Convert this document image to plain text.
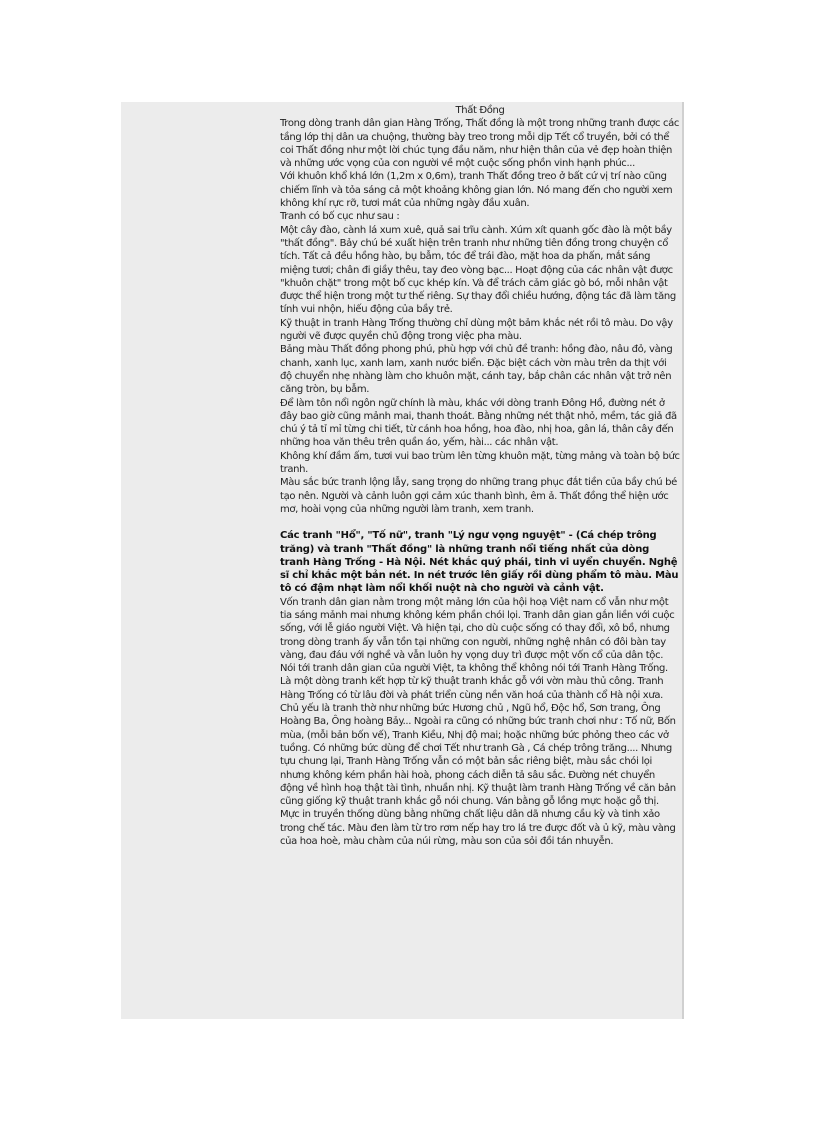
Thất Đồng

Trong dòng tranh dân gian Hàng Trống, Thất đồng là một trong những tranh được các tầng lớp thị dân ưa chuộng, thường bày treo trong mỗi dịp Tết cổ truyền, bởi có thể coi Thất đồng như một lời chúc tụng đầu năm, như hiện thân của vẻ đẹp hoàn thiện và những ước vọng của con người về một cuộc sống phồn vinh hạnh phúc...

Với khuôn khổ khá lớn (1,2m x 0,6m), tranh Thất đồng treo ở bất cứ vị trí nào cũng chiếm lĩnh và tỏa sáng cả một khoảng không gian lớn. Nó mang đến cho người xem không khí rực rỡ, tươi mát của những ngày đầu xuân.

Tranh có bố cục như sau :

Một cây đào, cành lá xum xuê, quả sai trĩu cành. Xúm xít quanh gốc đào là một bầy "thất đồng". Bảy chú bé xuất hiện trên tranh như những tiên đồng trong chuyện cổ tích. Tất cả đều hồng hào, bụ bẫm, tóc để trái đào, mặt hoa da phấn, mắt sáng miệng tươi; chân đi giầy thêu, tay đeo vòng bạc... Hoạt động của các nhân vật được "khuôn chặt" trong một bố cục khép kín. Và để trách cảm giác gò bó, mỗi nhân vật được thể hiện trong một tư thế riêng. Sự thay đổi chiều hướng, động tác đã làm tăng tính vui nhộn, hiếu động của bầy trẻ.

Kỹ thuật in tranh Hàng Trống thường chỉ dùng một bảm khắc nét rồi tô màu. Do vậy người vẽ được quyền chủ động trong việc pha màu.

Bảng màu Thất đồng phong phú, phù hợp với chủ đề tranh: hồng đào, nâu đỏ, vàng chanh, xanh lục, xanh lam, xanh nước biển. Đặc biệt cách vờn màu trên da thịt với độ chuyển nhẹ nhàng làm cho khuôn mặt, cánh tay, bắp chân các nhân vật trở nên căng tròn, bụ bẫm.

Để làm tôn nổi ngôn ngữ chính là màu, khác với dòng tranh Đông Hồ, đường nét ở đây bao giờ cũng mảnh mai, thanh thoát. Bằng những nét thật nhỏ, mềm, tác giả đã chú ý tả tỉ mỉ từng chi tiết, từ cánh hoa hồng, hoa đào, nhị hoa, gân lá, thân cây đến những hoa văn thêu trên quần áo, yếm, hài... các nhân vật.

Không khí đầm ấm, tươi vui bao trùm lên từng khuôn mặt, từng mảng và toàn bộ bức tranh.

Màu sắc bức tranh lộng lẫy, sang trọng do những trang phục đắt tiền của bầy chú bé tạo nên. Người và cảnh luôn gợi cảm xúc thanh bình, êm ả. Thất đồng thể hiện ước mơ, hoài vọng của những người làm tranh, xem tranh.

Các tranh "Hổ", "Tố nữ", tranh "Lý ngư vọng nguyệt" - (Cá chép trông trăng) và tranh "Thất đồng" là những tranh nổi tiếng nhất của dòng tranh Hàng Trống - Hà Nội. Nét khắc quý phái, tinh vi uyển chuyển. Nghệ sĩ chỉ khắc một bản nét. In nét trước lên giấy rồi dùng phẩm tô màu. Màu tô có đậm nhạt làm nổi khối nuột nà cho người và cảnh vật.

Vốn tranh dân gian nằm trong một mảng lớn của hội hoạ Việt nam cổ vẫn như một tia sáng mảnh mai nhưng không kém phần chói lọi. Tranh dân gian gắn liền với cuộc sống, với lễ giáo người Việt. Và hiện tại, cho dù cuộc sống có thay đổi, xô bồ, nhưng trong dòng tranh ấy vẫn tồn tại những con người, những nghệ nhân có đôi bàn tay vàng, đau đáu với nghề và vẫn luôn hy vọng duy trì được một vốn cổ của dân tộc.

Nói tới tranh dân gian của người Việt, ta không thể không nói tới Tranh Hàng Trống. Là một dòng tranh kết hợp từ kỹ thuật tranh khắc gỗ với vờn màu thủ công. Tranh Hàng Trống có từ lâu đời và phát triển cùng nền văn hoá của thành cổ Hà nội xưa. Chủ yếu là tranh thờ như những bức Hương chủ , Ngũ hổ, Độc hổ, Sơn trang, Ông Hoàng Ba, Ông hoàng Bảy... Ngoài ra cũng có những bức tranh chơi như : Tố nữ, Bốn mùa, (mỗi bản bốn vế), Tranh Kiều, Nhị độ mai; hoặc những bức phỏng theo các vở tuồng. Có những bức dùng để chơi Tết như tranh Gà , Cá chép trông trăng.... Nhưng tựu chung lại, Tranh Hàng Trống vẫn có một bản sắc riêng biệt, màu sắc chói lọi nhưng không kém phần hài hoà, phong cách diễn tả sâu sắc. Đường nét chuyển động về hình hoạ thật tài tình, nhuần nhị. Kỹ thuật làm tranh Hàng Trống về căn bản cũng giống kỹ thuật tranh khắc gỗ nói chung. Ván bằng gỗ lồng mực hoặc gỗ thị. Mực in truyền thống dùng bằng những chất liệu dân dã nhưng cầu kỳ và tinh xảo trong chế tác. Màu đen làm từ tro rơm nếp hay tro lá tre được đốt và ủ kỹ, màu vàng của hoa hoè, màu chàm của núi rừng, màu son của sỏi đồi tán nhuyễn.
